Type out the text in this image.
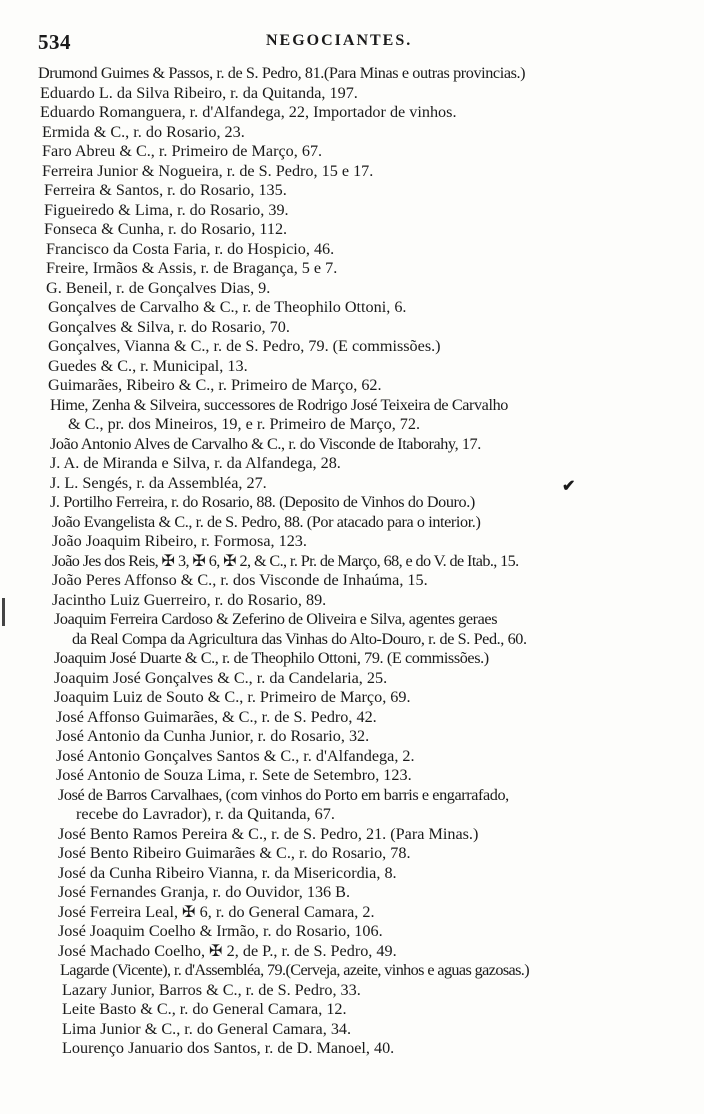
534	NEGOCIANTES.
✔
Drumond Guimes & Passos, r. de S. Pedro, 81.(Para Minas e outras provincias.)
Eduardo L. da Silva Ribeiro, r. da Quitanda, 197.
Eduardo Romanguera, r. d'Alfandega, 22, Importador de vinhos.
Ermida & C., r. do Rosario, 23.
Faro Abreu & C., r. Primeiro de Março, 67.
Ferreira Junior & Nogueira, r. de S. Pedro, 15 e 17.
Ferreira & Santos, r. do Rosario, 135.
Figueiredo & Lima, r. do Rosario, 39.
Fonseca & Cunha, r. do Rosario, 112.
Francisco da Costa Faria, r. do Hospicio, 46.
Freire, Irmãos & Assis, r. de Bragança, 5 e 7.
G. Beneil, r. de Gonçalves Dias, 9.
Gonçalves de Carvalho & C., r. de Theophilo Ottoni, 6.
Gonçalves & Silva, r. do Rosario, 70.
Gonçalves, Vianna & C., r. de S. Pedro, 79. (E commissões.)
Guedes & C., r. Municipal, 13.
Guimarães, Ribeiro & C., r. Primeiro de Março, 62.
Hime, Zenha & Silveira, successores de Rodrigo José Teixeira de Carvalho
& C., pr. dos Mineiros, 19, e r. Primeiro de Março, 72.
João Antonio Alves de Carvalho & C., r. do Visconde de Itaborahy, 17.
J. A. de Miranda e Silva, r. da Alfandega, 28.
J. L. Sengés, r. da Assembléa, 27.
J. Portilho Ferreira, r. do Rosario, 88. (Deposito de Vinhos do Douro.)
João Evangelista & C., r. de S. Pedro, 88. (Por atacado para o interior.)
João Joaquim Ribeiro, r. Formosa, 123.
João Jes dos Reis, ✠ 3, ✠ 6, ✠ 2, & C., r. Pr. de Março, 68, e do V. de Itab., 15.
João Peres Affonso & C., r. dos Visconde de Inhaúma, 15.
Jacintho Luiz Guerreiro, r. do Rosario, 89.
Joaquim Ferreira Cardoso & Zeferino de Oliveira e Silva, agentes geraes
da Real Compa da Agricultura das Vinhas do Alto-Douro, r. de S. Ped., 60.
Joaquim José Duarte & C., r. de Theophilo Ottoni, 79. (E commissões.)
Joaquim José Gonçalves & C., r. da Candelaria, 25.
Joaquim Luiz de Souto & C., r. Primeiro de Março, 69.
José Affonso Guimarães, & C., r. de S. Pedro, 42.
José Antonio da Cunha Junior, r. do Rosario, 32.
José Antonio Gonçalves Santos & C., r. d'Alfandega, 2.
José Antonio de Souza Lima, r. Sete de Setembro, 123.
José de Barros Carvalhaes, (com vinhos do Porto em barris e engarrafado,
recebe do Lavrador), r. da Quitanda, 67.
José Bento Ramos Pereira & C., r. de S. Pedro, 21. (Para Minas.)
José Bento Ribeiro Guimarães & C., r. do Rosario, 78.
José da Cunha Ribeiro Vianna, r. da Misericordia, 8.
José Fernandes Granja, r. do Ouvidor, 136 B.
José Ferreira Leal, ✠ 6, r. do General Camara, 2.
José Joaquim Coelho & Irmão, r. do Rosario, 106.
José Machado Coelho, ✠ 2, de P., r. de S. Pedro, 49.
Lagarde (Vicente), r. d'Assembléa, 79.(Cerveja, azeite, vinhos e aguas gazosas.)
Lazary Junior, Barros & C., r. de S. Pedro, 33.
Leite Basto & C., r. do General Camara, 12.
Lima Junior & C., r. do General Camara, 34.
Lourenço Januario dos Santos, r. de D. Manoel, 40.
